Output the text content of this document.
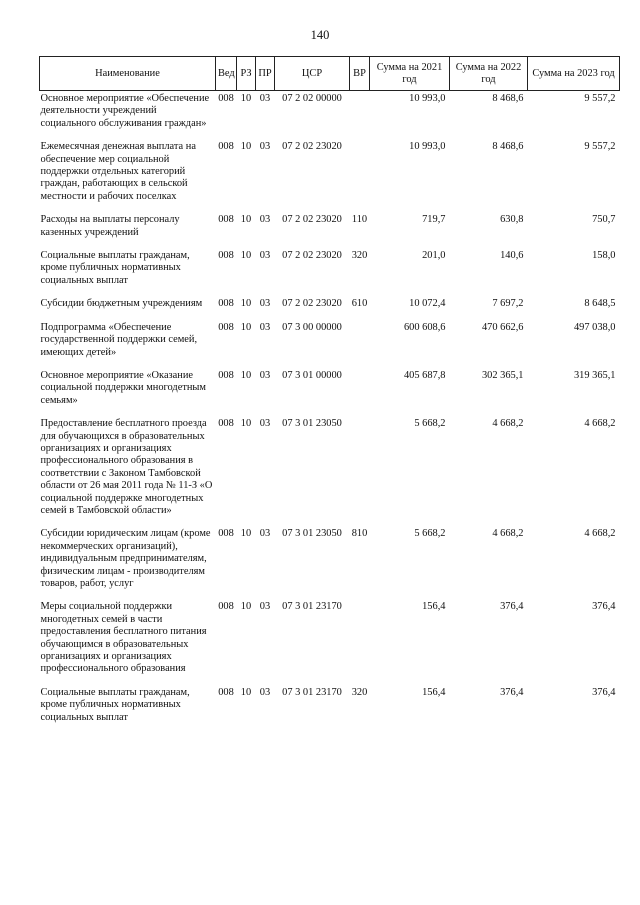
140
Наименование	Вед	РЗ	ПР	ЦСР	ВР	Сумма на 2021 год	Сумма на 2022 год	Сумма на 2023 год
Основное мероприятие «Обеспечение деятельности учреждений социального обслуживания граждан»	008	10	03	07 2 02 00000		10 993,0	8 468,6	9 557,2
Ежемесячная денежная выплата на обеспечение мер социальной поддержки отдельных категорий граждан, работающих в сельской местности и рабочих поселках	008	10	03	07 2 02 23020		10 993,0	8 468,6	9 557,2
Расходы на выплаты персоналу казенных учреждений	008	10	03	07 2 02 23020	110	719,7	630,8	750,7
Социальные выплаты гражданам, кроме публичных нормативных социальных выплат	008	10	03	07 2 02 23020	320	201,0	140,6	158,0
Субсидии бюджетным учреждениям	008	10	03	07 2 02 23020	610	10 072,4	7 697,2	8 648,5
Подпрограмма «Обеспечение государственной поддержки семей, имеющих детей»	008	10	03	07 3 00 00000		600 608,6	470 662,6	497 038,0
Основное мероприятие «Оказание социальной поддержки многодетным семьям»	008	10	03	07 3 01 00000		405 687,8	302 365,1	319 365,1
Предоставление бесплатного проезда для обучающихся в образовательных организациях и организациях профессионального образования в соответствии с Законом Тамбовской области от 26 мая 2011 года № 11-З «О социальной поддержке многодетных семей в Тамбовской области»	008	10	03	07 3 01 23050		5 668,2	4 668,2	4 668,2
Субсидии юридическим лицам (кроме некоммерческих организаций), индивидуальным предпринимателям, физическим лицам - производителям товаров, работ, услуг	008	10	03	07 3 01 23050	810	5 668,2	4 668,2	4 668,2
Меры социальной поддержки многодетных семей в части предоставления бесплатного питания обучающимся в образовательных организациях и организациях профессионального образования	008	10	03	07 3 01 23170		156,4	376,4	376,4
Социальные выплаты гражданам, кроме публичных нормативных социальных выплат	008	10	03	07 3 01 23170	320	156,4	376,4	376,4
